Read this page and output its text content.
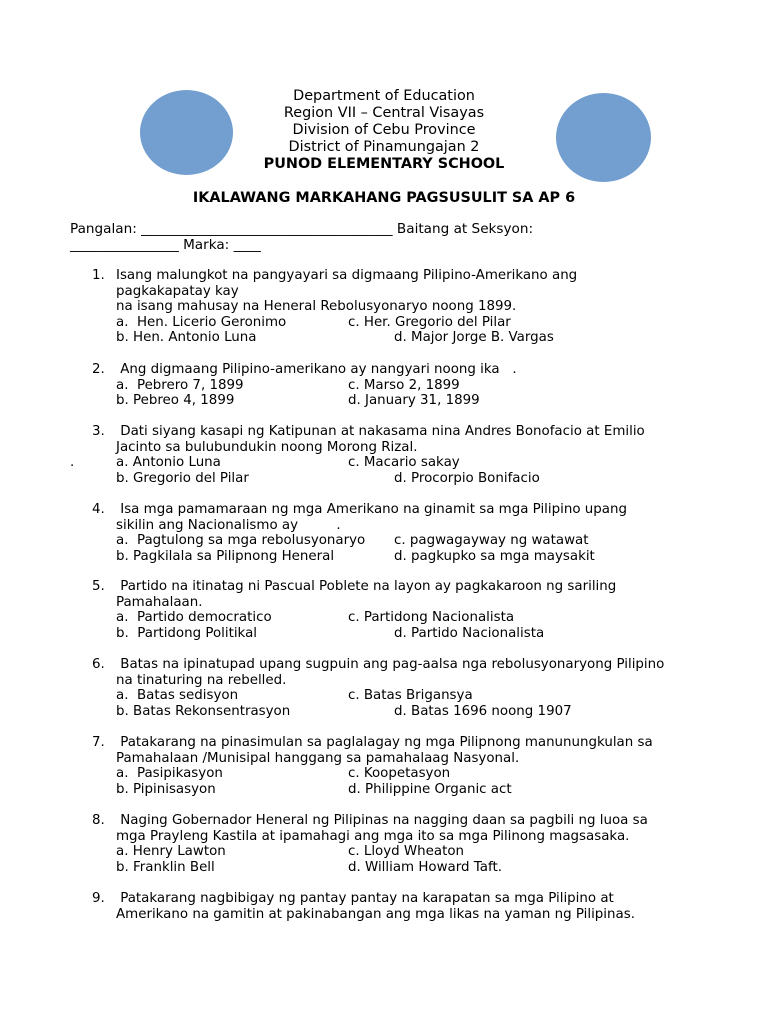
Department of Education
Region VII – Central Visayas
Division of Cebu Province
District of Pinamungajan 2
PUNOD ELEMENTARY SCHOOL
IKALAWANG MARKAHANG PAGSUSULIT SA AP 6
Pangalan: _____________________________________ Baitang at Seksyon:
________________ Marka: ____
.
1. Isang malungkot na pangyayari sa digmaang Pilipino-Amerikano ang
pagkakapatay kay
na isang mahusay na Heneral Rebolusyonaryo noong 1899.
a.  Hen. Licerio Geronimo	c. Her. Gregorio del Pilar
b. Hen. Antonio Luna	d. Major Jorge B. Vargas
2. Ang digmaang Pilipino-amerikano ay nangyari noong ika   .
a.  Pebrero 7, 1899	c. Marso 2, 1899
b. Pebreo 4, 1899	d. January 31, 1899
3. Dati siyang kasapi ng Katipunan at nakasama nina Andres Bonofacio at Emilio
Jacinto sa bulubundukin noong Morong Rizal.
a. Antonio Luna	c. Macario sakay
b. Gregorio del Pilar	d. Procorpio Bonifacio
4. Isa mga pamamaraan ng mga Amerikano na ginamit sa mga Pilipino upang
sikilin ang Nacionalismo ay         .
a.  Pagtulong sa mga rebolusyonaryo c. pagwagayway ng watawat
b. Pagkilala sa Pilipnong Heneral	d. pagkupko sa mga maysakit
5. Partido na itinatag ni Pascual Poblete na layon ay pagkakaroon ng sariling
Pamahalaan.
a.  Partido democratico	c. Partidong Nacionalista
b.  Partidong Politikal	d. Partido Nacionalista
6. Batas na ipinatupad upang sugpuin ang pag-aalsa nga rebolusyonaryong Pilipino
na tinaturing na rebelled.
a.  Batas sedisyon	c. Batas Brigansya
b. Batas Rekonsentrasyon	d. Batas 1696 noong 1907
7. Patakarang na pinasimulan sa paglalagay ng mga Pilipnong manunungkulan sa
Pamahalaan /Munisipal hanggang sa pamahalaag Nasyonal.
a.  Pasipikasyon	c. Koopetasyon
b. Pipinisasyon	d. Philippine Organic act
8. Naging Gobernador Heneral ng Pilipinas na nagging daan sa pagbili ng luoa sa
mga Prayleng Kastila at ipamahagi ang mga ito sa mga Pilinong magsasaka.
a. Henry Lawton	c. Lloyd Wheaton
b. Franklin Bell	d. William Howard Taft.
9. Patakarang nagbibigay ng pantay pantay na karapatan sa mga Pilipino at
Amerikano na gamitin at pakinabangan ang mga likas na yaman ng Pilipinas.
